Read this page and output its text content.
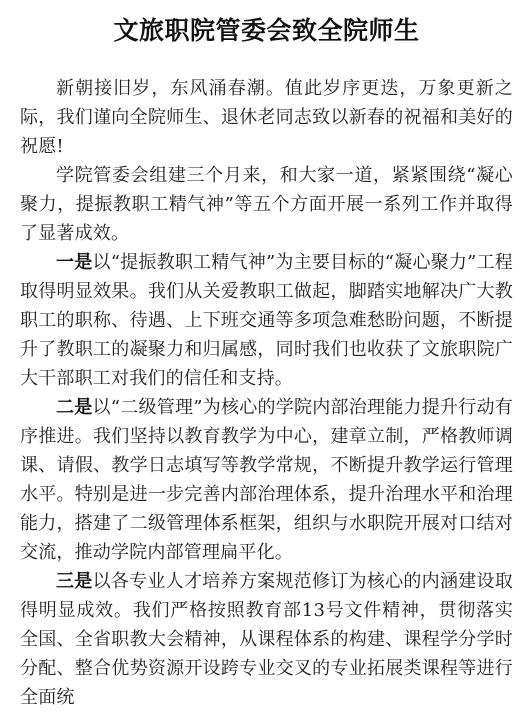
文旅职院管委会致全院师生

新朝接旧岁，东风涌春潮。值此岁序更迭，万象更新之际，我们谨向全院师生、退休老同志致以新春的祝福和美好的祝愿!

学院管委会组建三个月来，和大家一道，紧紧围绕“凝心聚力，提振教职工精气神”等五个方面开展一系列工作并取得了显著成效。

一是以“提振教职工精气神”为主要目标的“凝心聚力”工程取得明显效果。我们从关爱教职工做起，脚踏实地解决广大教职工的职称、待遇、上下班交通等多项急难愁盼问题，不断提升了教职工的凝聚力和归属感，同时我们也收获了文旅职院广大干部职工对我们的信任和支持。

二是以“二级管理”为核心的学院内部治理能力提升行动有序推进。我们坚持以教育教学为中心，建章立制，严格教师调课、请假、教学日志填写等教学常规，不断提升教学运行管理水平。特别是进一步完善内部治理体系，提升治理水平和治理能力，搭建了二级管理体系框架，组织与水职院开展对口结对交流，推动学院内部管理扁平化。

三是以各专业人才培养方案规范修订为核心的内涵建设取得明显成效。我们严格按照教育部13号文件精神，贯彻落实全国、全省职教大会精神，从课程体系的构建、课程学分学时分配、整合优势资源开设跨专业交叉的专业拓展类课程等进行全面统
